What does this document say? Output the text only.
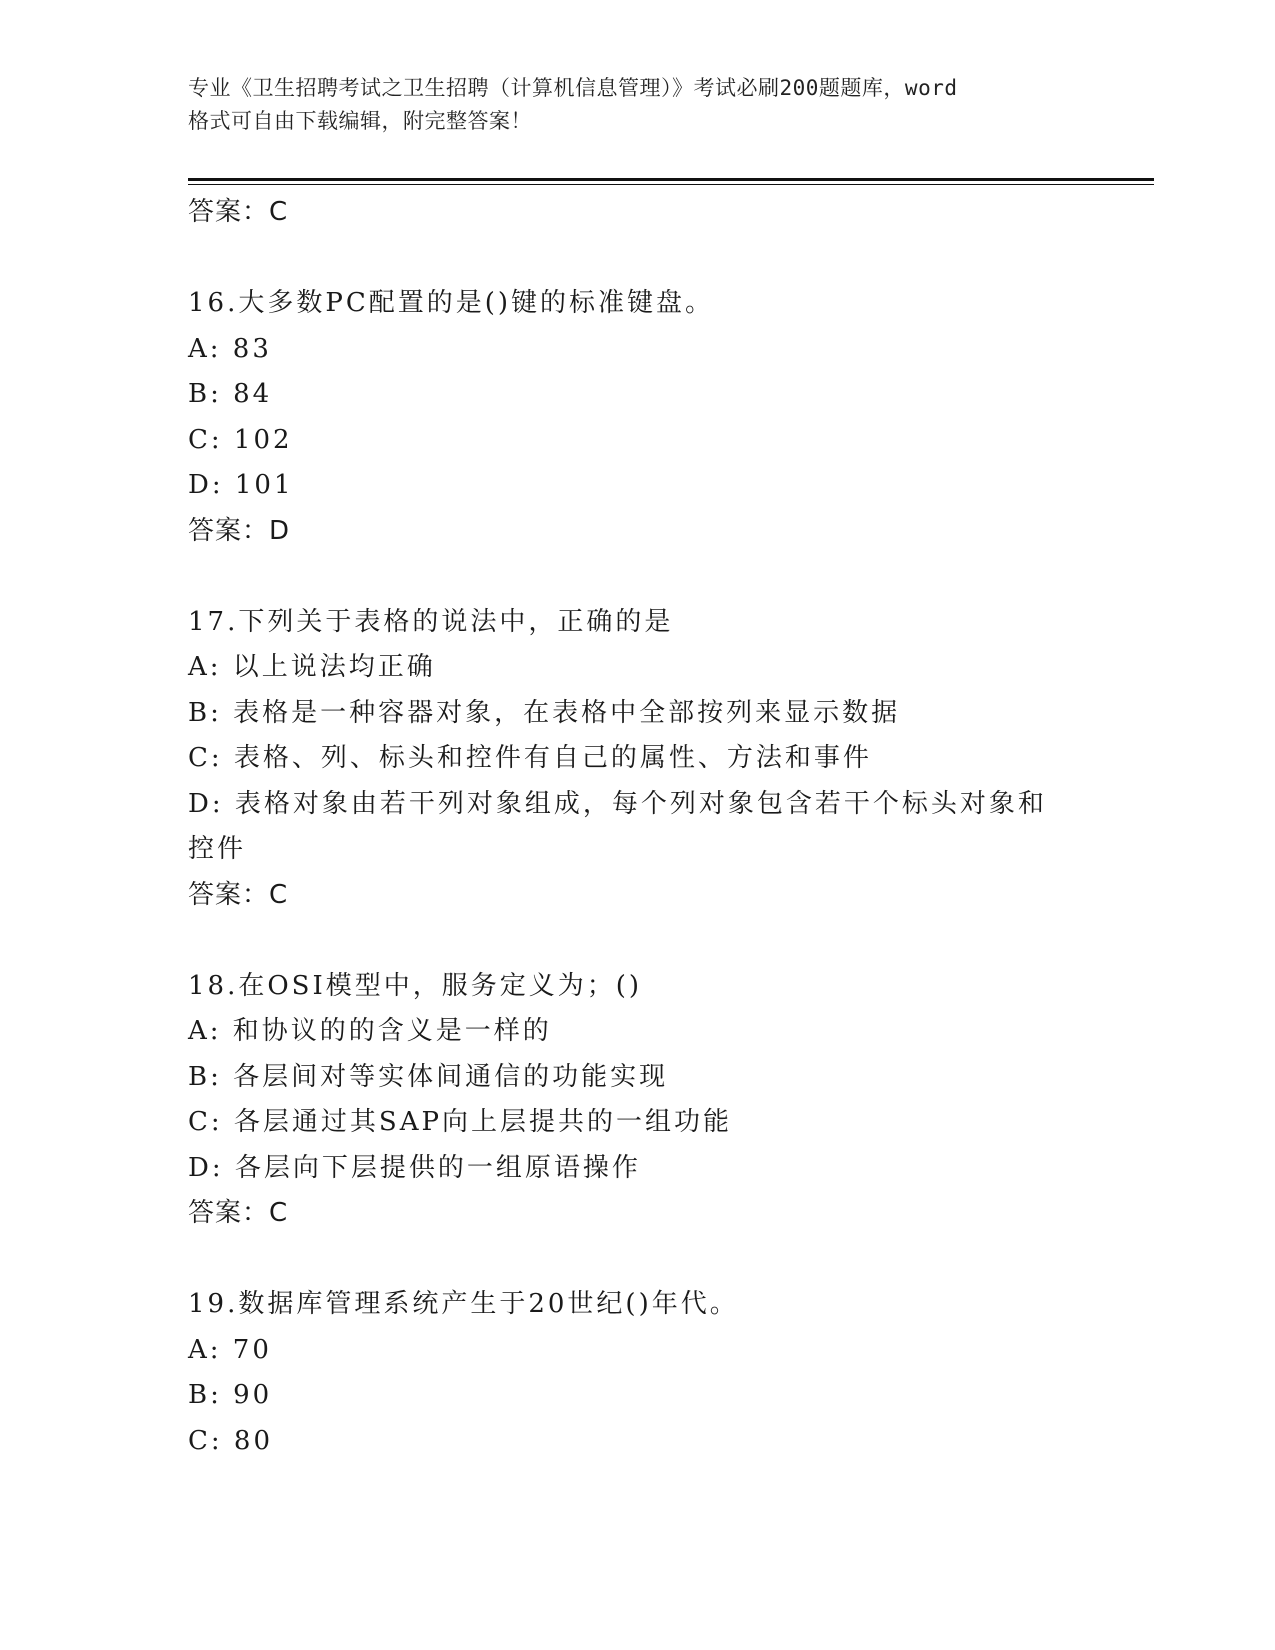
专业《卫生招聘考试之卫生招聘（计算机信息管理）》考试必刷200题题库，word
格式可自由下载编辑，附完整答案！
答案：C
16.大多数PC配置的是()键的标准键盘。
A: 83
B: 84
C: 102
D: 101
答案：D
17.下列关于表格的说法中，正确的是
A: 以上说法均正确
B: 表格是一种容器对象，在表格中全部按列来显示数据
C: 表格、列、标头和控件有自己的属性、方法和事件
D: 表格对象由若干列对象组成，每个列对象包含若干个标头对象和控件
答案：C
18.在OSI模型中，服务定义为；()
A: 和协议的的含义是一样的
B: 各层间对等实体间通信的功能实现
C: 各层通过其SAP向上层提共的一组功能
D: 各层向下层提供的一组原语操作
答案：C
19.数据库管理系统产生于20世纪()年代。
A: 70
B: 90
C: 80
